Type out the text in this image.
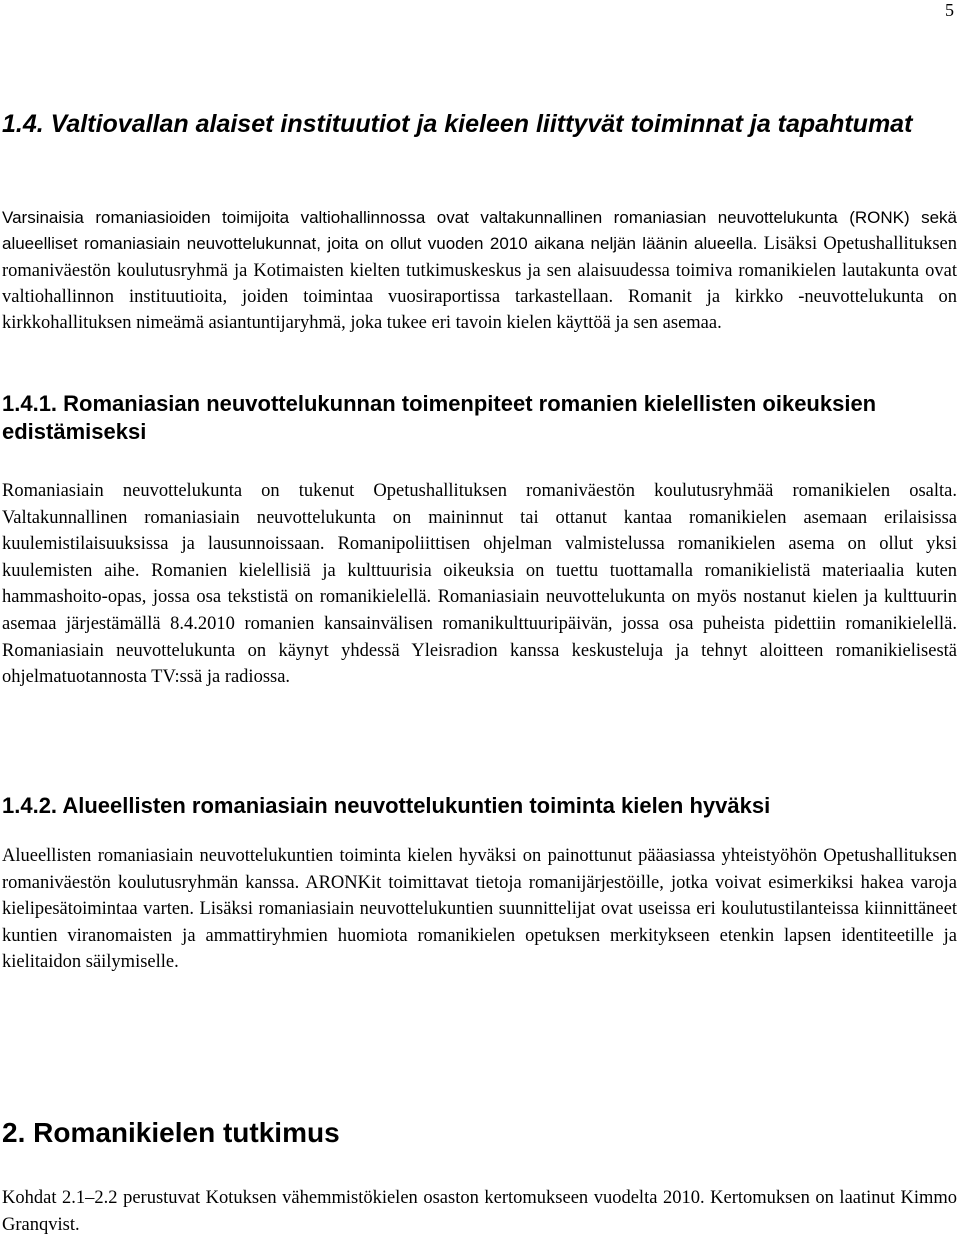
5
1.4. Valtiovallan alaiset instituutiot ja kieleen liittyvät toiminnat ja tapahtumat

Varsinaisia romaniasioiden toimijoita valtiohallinnossa ovat valtakunnallinen romaniasian neuvottelukunta (RONK) sekä alueelliset romaniasiain neuvottelukunnat, joita on ollut vuoden 2010 aikana neljän läänin alueella. Lisäksi Opetushallituksen romaniväestön koulutusryhmä ja Kotimaisten kielten tutkimuskeskus ja sen alaisuudessa toimiva romanikielen lautakunta ovat valtiohallinnon instituutioita, joiden toimintaa vuosiraportissa tarkastellaan. Romanit ja kirkko -neuvottelukunta on kirkkohallituksen nimeämä asiantuntijaryhmä, joka tukee eri tavoin kielen käyttöä ja sen asemaa.

1.4.1. Romaniasian neuvottelukunnan toimenpiteet romanien kielellisten oikeuksien edistämiseksi

Romaniasiain neuvottelukunta on tukenut Opetushallituksen romaniväestön koulutusryhmää romanikielen osalta. Valtakunnallinen romaniasiain neuvottelukunta on maininnut tai ottanut kantaa romanikielen asemaan erilaisissa kuulemistilaisuuksissa ja lausunnoissaan. Romanipoliittisen ohjelman valmistelussa romanikielen asema on ollut yksi kuulemisten aihe. Romanien kielellisiä ja kulttuurisia oikeuksia on tuettu tuottamalla romanikielistä materiaalia kuten hammashoito-opas, jossa osa tekstistä on romanikielellä. Romaniasiain neuvottelukunta on myös nostanut kielen ja kulttuurin asemaa järjestämällä 8.4.2010 romanien kansainvälisen romanikulttuuripäivän, jossa osa puheista pidettiin romanikielellä. Romaniasiain neuvottelukunta on käynyt yhdessä Yleisradion kanssa keskusteluja ja tehnyt aloitteen romanikielisestä ohjelmatuotannosta TV:ssä ja radiossa.

1.4.2. Alueellisten romaniasiain neuvottelukuntien toiminta kielen hyväksi

Alueellisten romaniasiain neuvottelukuntien toiminta kielen hyväksi on painottunut pääasiassa yhteistyöhön Opetushallituksen romaniväestön koulutusryhmän kanssa. ARONKit toimittavat tietoja romanijärjestöille, jotka voivat esimerkiksi hakea varoja kielipesätoimintaa varten. Lisäksi romaniasiain neuvottelukuntien suunnittelijat ovat useissa eri koulutustilanteissa kiinnittäneet kuntien viranomaisten ja ammattiryhmien huomiota romanikielen opetuksen merkitykseen etenkin lapsen identiteetille ja kielitaidon säilymiselle.

2. Romanikielen tutkimus

Kohdat 2.1–2.2 perustuvat Kotuksen vähemmistökielen osaston kertomukseen vuodelta 2010. Kertomuksen on laatinut Kimmo Granqvist.
